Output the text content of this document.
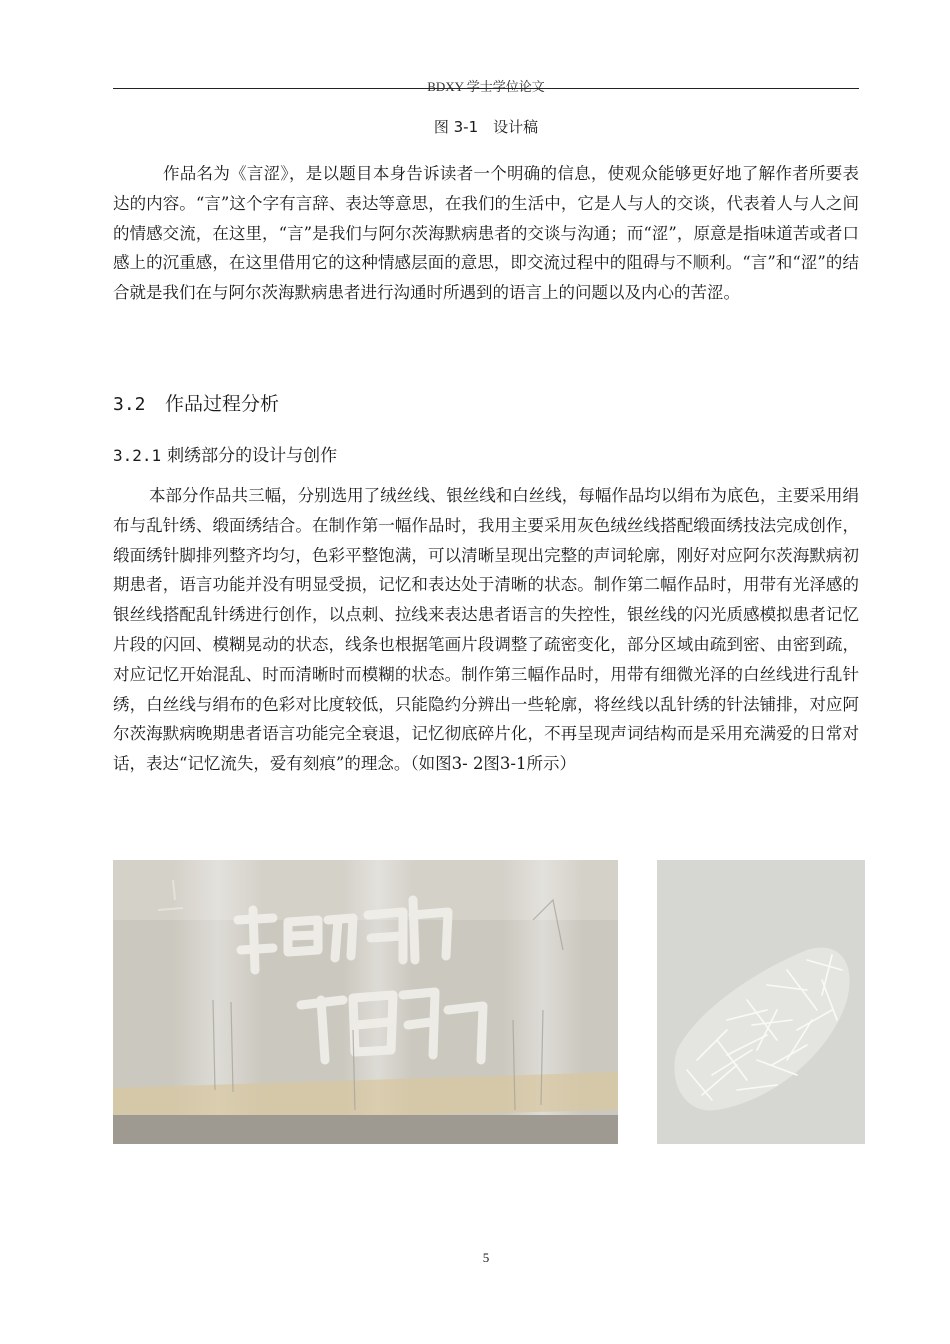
BDXY 学士学位论文
图 3-1　设计稿

作品名为《言涩》，是以题目本身告诉读者一个明确的信息，使观众能够更好地了解作者所要表达的内容。“言”这个字有言辞、表达等意思，在我们的生活中，它是人与人的交谈，代表着人与人之间的情感交流，在这里，“言”是我们与阿尔茨海默病患者的交谈与沟通；而“涩”，原意是指味道苦或者口感上的沉重感，在这里借用它的这种情感层面的意思，即交流过程中的阻碍与不顺利。“言”和“涩”的结合就是我们在与阿尔茨海默病患者进行沟通时所遇到的语言上的问题以及内心的苦涩。

3.2 作品过程分析
3.2.1 刺绣部分的设计与创作

本部分作品共三幅，分别选用了绒丝线、银丝线和白丝线，每幅作品均以绢布为底色，主要采用绢布与乱针绣、缎面绣结合。在制作第一幅作品时，我用主要采用灰色绒丝线搭配缎面绣技法完成创作，缎面绣针脚排列整齐均匀，色彩平整饱满，可以清晰呈现出完整的声词轮廓，刚好对应阿尔茨海默病初期患者，语言功能并没有明显受损，记忆和表达处于清晰的状态。制作第二幅作品时，用带有光泽感的银丝线搭配乱针绣进行创作，以点刺、拉线来表达患者语言的失控性，银丝线的闪光质感模拟患者记忆片段的闪回、模糊晃动的状态，线条也根据笔画片段调整了疏密变化，部分区域由疏到密、由密到疏，对应记忆开始混乱、时而清晰时而模糊的状态。制作第三幅作品时，用带有细微光泽的白丝线进行乱针绣，白丝线与绢布的色彩对比度较低，只能隐约分辨出一些轮廓，将丝线以乱针绣的针法铺排，对应阿尔茨海默病晚期患者语言功能完全衰退，记忆彻底碎片化，不再呈现声词结构而是采用充满爱的日常对话，表达“记忆流失，爱有刻痕”的理念。（如图3- 2图3-1所示）

5
